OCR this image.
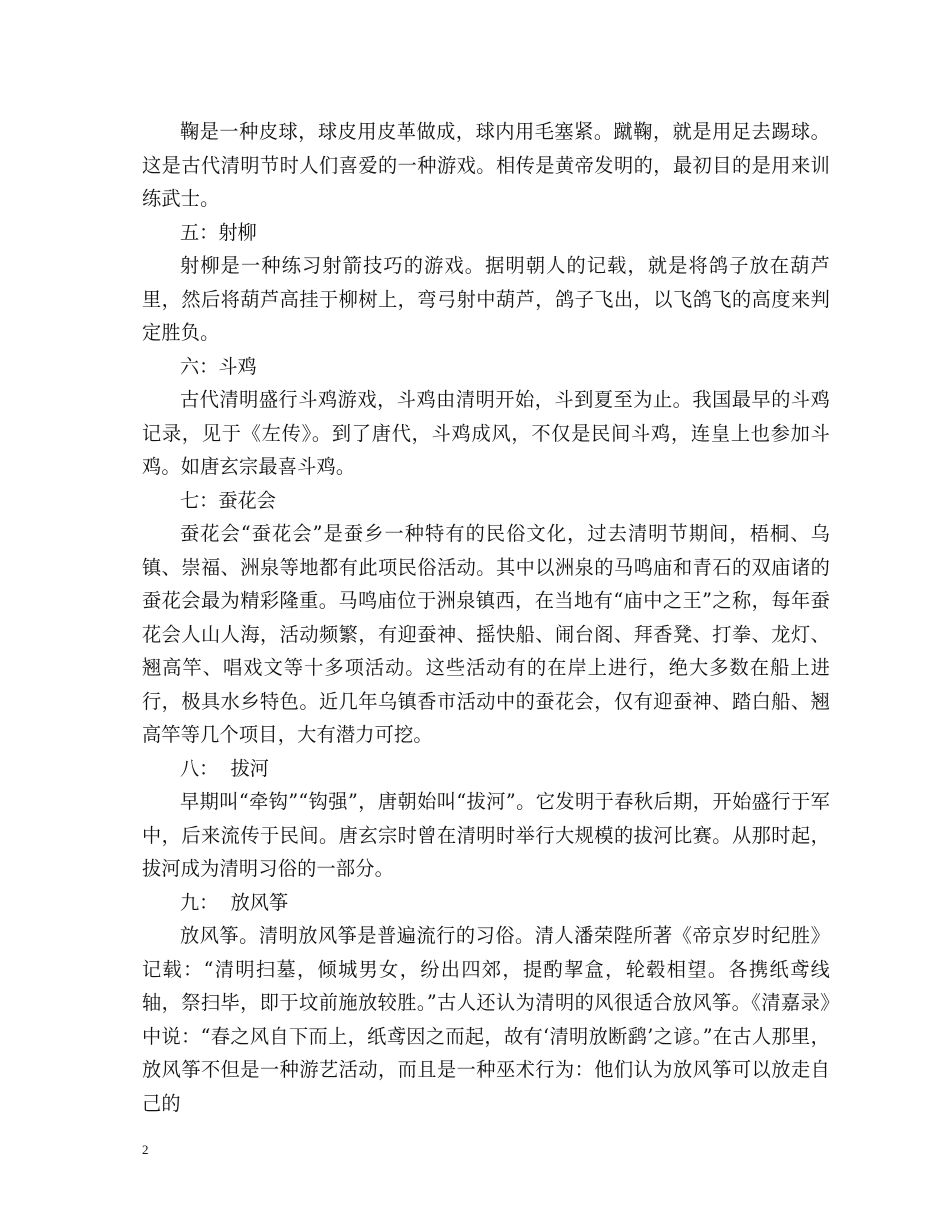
鞠是一种皮球，球皮用皮革做成，球内用毛塞紧。蹴鞠，就是用足去踢球。这是古代清明节时人们喜爱的一种游戏。相传是黄帝发明的，最初目的是用来训练武士。

五：射柳

射柳是一种练习射箭技巧的游戏。据明朝人的记载，就是将鸽子放在葫芦里，然后将葫芦高挂于柳树上，弯弓射中葫芦，鸽子飞出，以飞鸽飞的高度来判定胜负。

六：斗鸡

古代清明盛行斗鸡游戏，斗鸡由清明开始，斗到夏至为止。我国最早的斗鸡记录，见于《左传》。到了唐代，斗鸡成风，不仅是民间斗鸡，连皇上也参加斗鸡。如唐玄宗最喜斗鸡。

七：蚕花会

蚕花会“蚕花会”是蚕乡一种特有的民俗文化，过去清明节期间，梧桐、乌镇、崇福、洲泉等地都有此项民俗活动。其中以洲泉的马鸣庙和青石的双庙诸的蚕花会最为精彩隆重。马鸣庙位于洲泉镇西，在当地有“庙中之王”之称，每年蚕花会人山人海，活动频繁，有迎蚕神、摇快船、闹台阁、拜香凳、打拳、龙灯、翘高竿、唱戏文等十多项活动。这些活动有的在岸上进行，绝大多数在船上进行，极具水乡特色。近几年乌镇香市活动中的蚕花会，仅有迎蚕神、踏白船、翘高竿等几个项目，大有潜力可挖。

八：  拔河

早期叫“牵钩”“钩强”，唐朝始叫“拔河”。它发明于春秋后期，开始盛行于军中，后来流传于民间。唐玄宗时曾在清明时举行大规模的拔河比赛。从那时起，拔河成为清明习俗的一部分。

九：  放风筝

放风筝。清明放风筝是普遍流行的习俗。清人潘荣陛所著《帝京岁时纪胜》记载：“清明扫墓，倾城男女，纷出四郊，提酌挈盒，轮毂相望。各携纸鸢线轴，祭扫毕，即于坟前施放较胜。”古人还认为清明的风很适合放风筝。《清嘉录》中说：“春之风自下而上，纸鸢因之而起，故有‘清明放断鹞’之谚。”在古人那里，放风筝不但是一种游艺活动，而且是一种巫术行为：他们认为放风筝可以放走自己的

2
